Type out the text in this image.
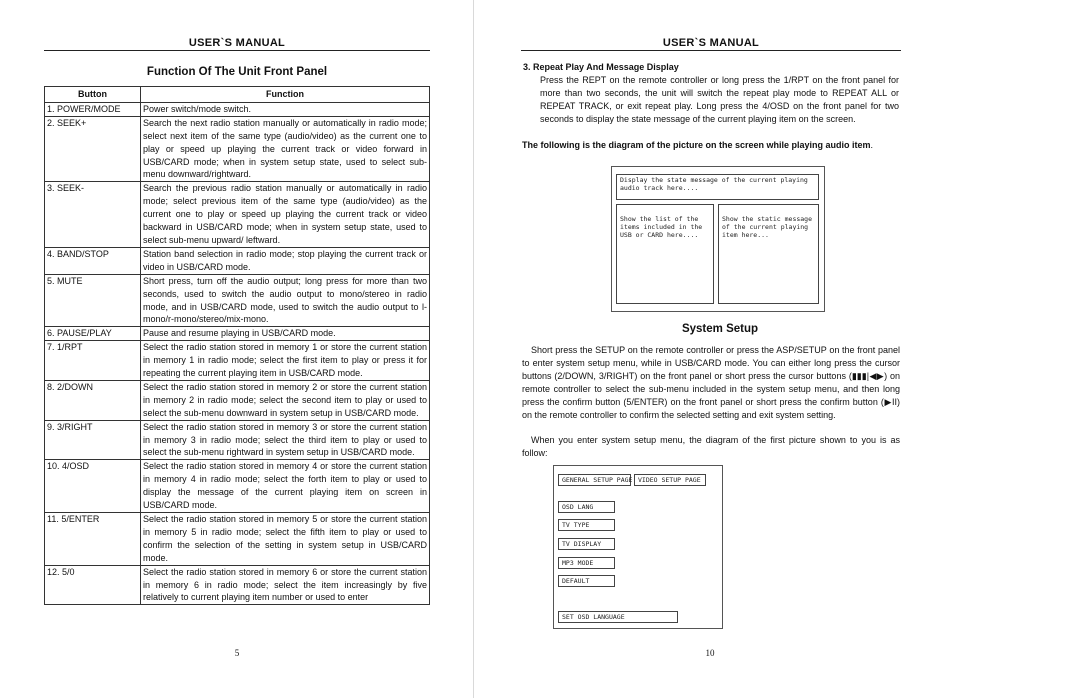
USER`S MANUAL
Function Of The Unit Front Panel
Button	Function
1. POWER/MODE	Power switch/mode switch.
2. SEEK+	Search the next radio station manually or automatically in radio mode; select next item of the same type (audio/video) as the current one to play or speed up playing the current track or video forward in USB/CARD mode; when in system setup state, used to select sub-menu downward/rightward.
3. SEEK-	Search the previous radio station manually or automatically in radio mode; select previous item of the same type (audio/video) as the current one to play or speed up playing the current track or video backward in USB/CARD mode; when in system setup state, used to select sub-menu upward/ leftward.
4. BAND/STOP	Station band selection in radio mode; stop playing the current track or video in USB/CARD mode.
5. MUTE	Short press, turn off the audio output; long press for more than two seconds, used to switch the audio output to mono/stereo in radio mode, and in USB/CARD mode, used to switch the audio output to l-mono/r-mono/stereo/mix-mono.
6. PAUSE/PLAY	Pause and resume playing in USB/CARD mode.
7. 1/RPT	Select the radio station stored in memory 1 or store the current station in memory 1 in radio mode; select the first item to play or press it for repeating the current playing item in USB/CARD mode.
8. 2/DOWN	Select the radio station stored in memory 2 or store the current station in memory 2 in radio mode; select the second item to play or used to select the sub-menu downward in system setup in USB/CARD mode.
9. 3/RIGHT	Select the radio station stored in memory 3 or store the current station in memory 3 in radio mode; select the third item to play or used to select the sub-menu rightward in system setup in USB/CARD mode.
10. 4/OSD	Select the radio station stored in memory 4 or store the current station in memory 4 in radio mode; select the forth item to play or used to display the message of the current playing item on screen in USB/CARD mode.
11. 5/ENTER	Select the radio station stored in memory 5 or store the current station in memory 5 in radio mode; select the fifth item to play or used to confirm the selection of the setting in system setup in USB/CARD mode.
12. 5/0	Select the radio station stored in memory 6 or store the current station in memory 6 in radio mode; select the item increasingly by five relatively to current playing item number or used to enter
5
USER`S MANUAL
3. Repeat Play And Message Display
Press the REPT on the remote controller or long press the 1/RPT on the front panel for more than two seconds, the unit will switch the repeat play mode to REPEAT ALL or REPEAT TRACK, or exit repeat play. Long press the 4/OSD on the front panel for two seconds to display the state message of the current playing item on the screen.
The following is the diagram of the picture on the screen while playing audio item.
Display the state message of the current playing audio track here....
Show the list of the items included in the USB or CARD here....
Show the static message of the current playing item here...
System Setup
Short press the SETUP on the remote controller or press the ASP/SETUP on the front panel to enter system setup menu, while in USB/CARD mode. You can either long press the cursor buttons (2/DOWN, 3/RIGHT) on the front panel or short press the cursor buttons (▮▮▮|◀▶) on remote controller to select the sub-menu included in the system setup menu, and then long press the confirm button (5/ENTER) on the front panel or short press the confirm button (▶II) on the remote controller to confirm the selected setting and exit system setting.
When you enter system setup menu, the diagram of the first picture shown to you is as follow:
GENERAL SETUP PAGE VIDEO SETUP PAGE
OSD LANG
TV TYPE
TV DISPLAY
MP3 MODE
DEFAULT
SET OSD LANGUAGE
10
